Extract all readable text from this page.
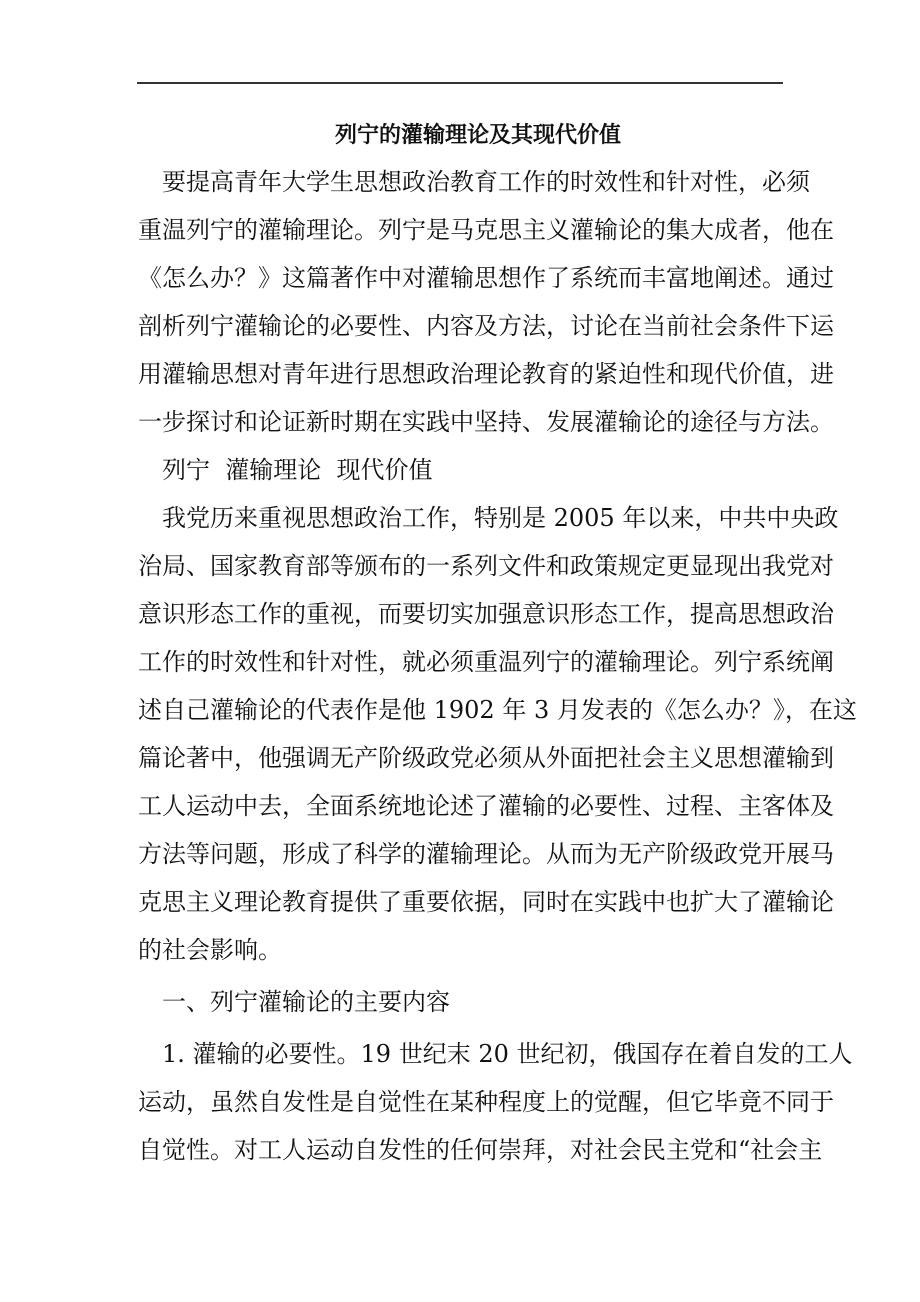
列宁的灌输理论及其现代价值
要提高青年大学生思想政治教育工作的时效性和针对性，必须
重温列宁的灌输理论。列宁是马克思主义灌输论的集大成者，他在
《怎么办？》这篇著作中对灌输思想作了系统而丰富地阐述。通过
剖析列宁灌输论的必要性、内容及方法，讨论在当前社会条件下运
用灌输思想对青年进行思想政治理论教育的紧迫性和现代价值，进
一步探讨和论证新时期在实践中坚持、发展灌输论的途径与方法。
列宁  灌输理论  现代价值
我党历来重视思想政治工作，特别是 2005 年以来，中共中央政
治局、国家教育部等颁布的一系列文件和政策规定更显现出我党对
意识形态工作的重视，而要切实加强意识形态工作，提高思想政治
工作的时效性和针对性，就必须重温列宁的灌输理论。列宁系统阐
述自己灌输论的代表作是他 1902 年 3 月发表的《怎么办？》，在这
篇论著中，他强调无产阶级政党必须从外面把社会主义思想灌输到
工人运动中去，全面系统地论述了灌输的必要性、过程、主客体及
方法等问题，形成了科学的灌输理论。从而为无产阶级政党开展马
克思主义理论教育提供了重要依据，同时在实践中也扩大了灌输论
的社会影响。
一、列宁灌输论的主要内容
1. 灌输的必要性。19 世纪末 20 世纪初，俄国存在着自发的工人
运动，虽然自发性是自觉性在某种程度上的觉醒，但它毕竟不同于
自觉性。对工人运动自发性的任何崇拜，对社会民主党和“社会主
